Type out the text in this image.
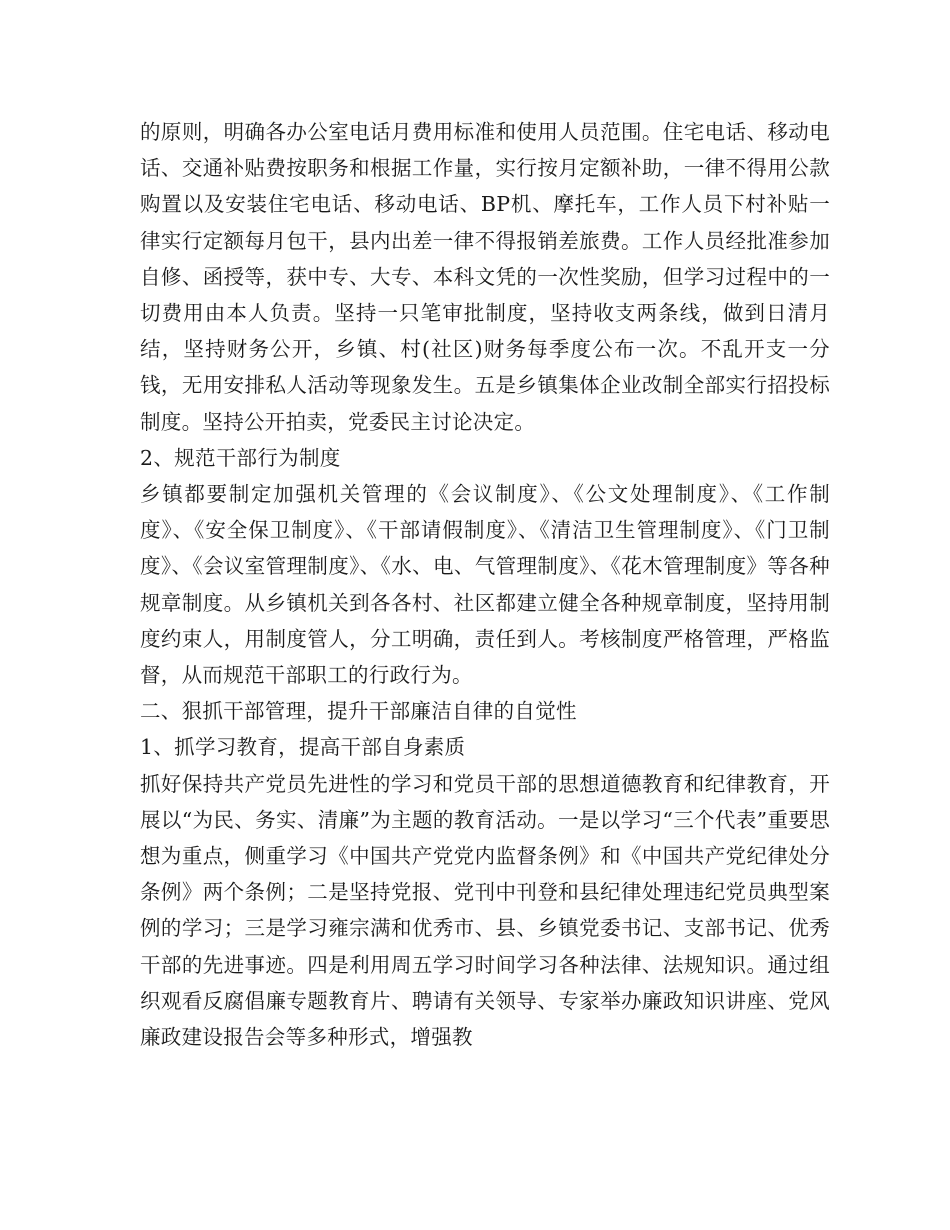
的原则，明确各办公室电话月费用标准和使用人员范围。住宅电话、移动电话、交通补贴费按职务和根据工作量，实行按月定额补助，一律不得用公款购置以及安装住宅电话、移动电话、BP机、摩托车，工作人员下村补贴一律实行定额每月包干，县内出差一律不得报销差旅费。工作人员经批准参加自修、函授等，获中专、大专、本科文凭的一次性奖励，但学习过程中的一切费用由本人负责。坚持一只笔审批制度，坚持收支两条线，做到日清月结，坚持财务公开，乡镇、村(社区)财务每季度公布一次。不乱开支一分钱，无用安排私人活动等现象发生。五是乡镇集体企业改制全部实行招投标制度。坚持公开拍卖，党委民主讨论决定。

2、规范干部行为制度

乡镇都要制定加强机关管理的《会议制度》、《公文处理制度》、《工作制度》、《安全保卫制度》、《干部请假制度》、《清洁卫生管理制度》、《门卫制度》、《会议室管理制度》、《水、电、气管理制度》、《花木管理制度》等各种规章制度。从乡镇机关到各各村、社区都建立健全各种规章制度，坚持用制度约束人，用制度管人，分工明确，责任到人。考核制度严格管理，严格监督，从而规范干部职工的行政行为。

二、狠抓干部管理，提升干部廉洁自律的自觉性

1、抓学习教育，提高干部自身素质

抓好保持共产党员先进性的学习和党员干部的思想道德教育和纪律教育，开展以“为民、务实、清廉”为主题的教育活动。一是以学习“三个代表”重要思想为重点，侧重学习《中国共产党党内监督条例》和《中国共产党纪律处分条例》两个条例；二是坚持党报、党刊中刊登和县纪律处理违纪党员典型案例的学习；三是学习雍宗满和优秀市、县、乡镇党委书记、支部书记、优秀干部的先进事迹。四是利用周五学习时间学习各种法律、法规知识。通过组织观看反腐倡廉专题教育片、聘请有关领导、专家举办廉政知识讲座、党风廉政建设报告会等多种形式，增强教
